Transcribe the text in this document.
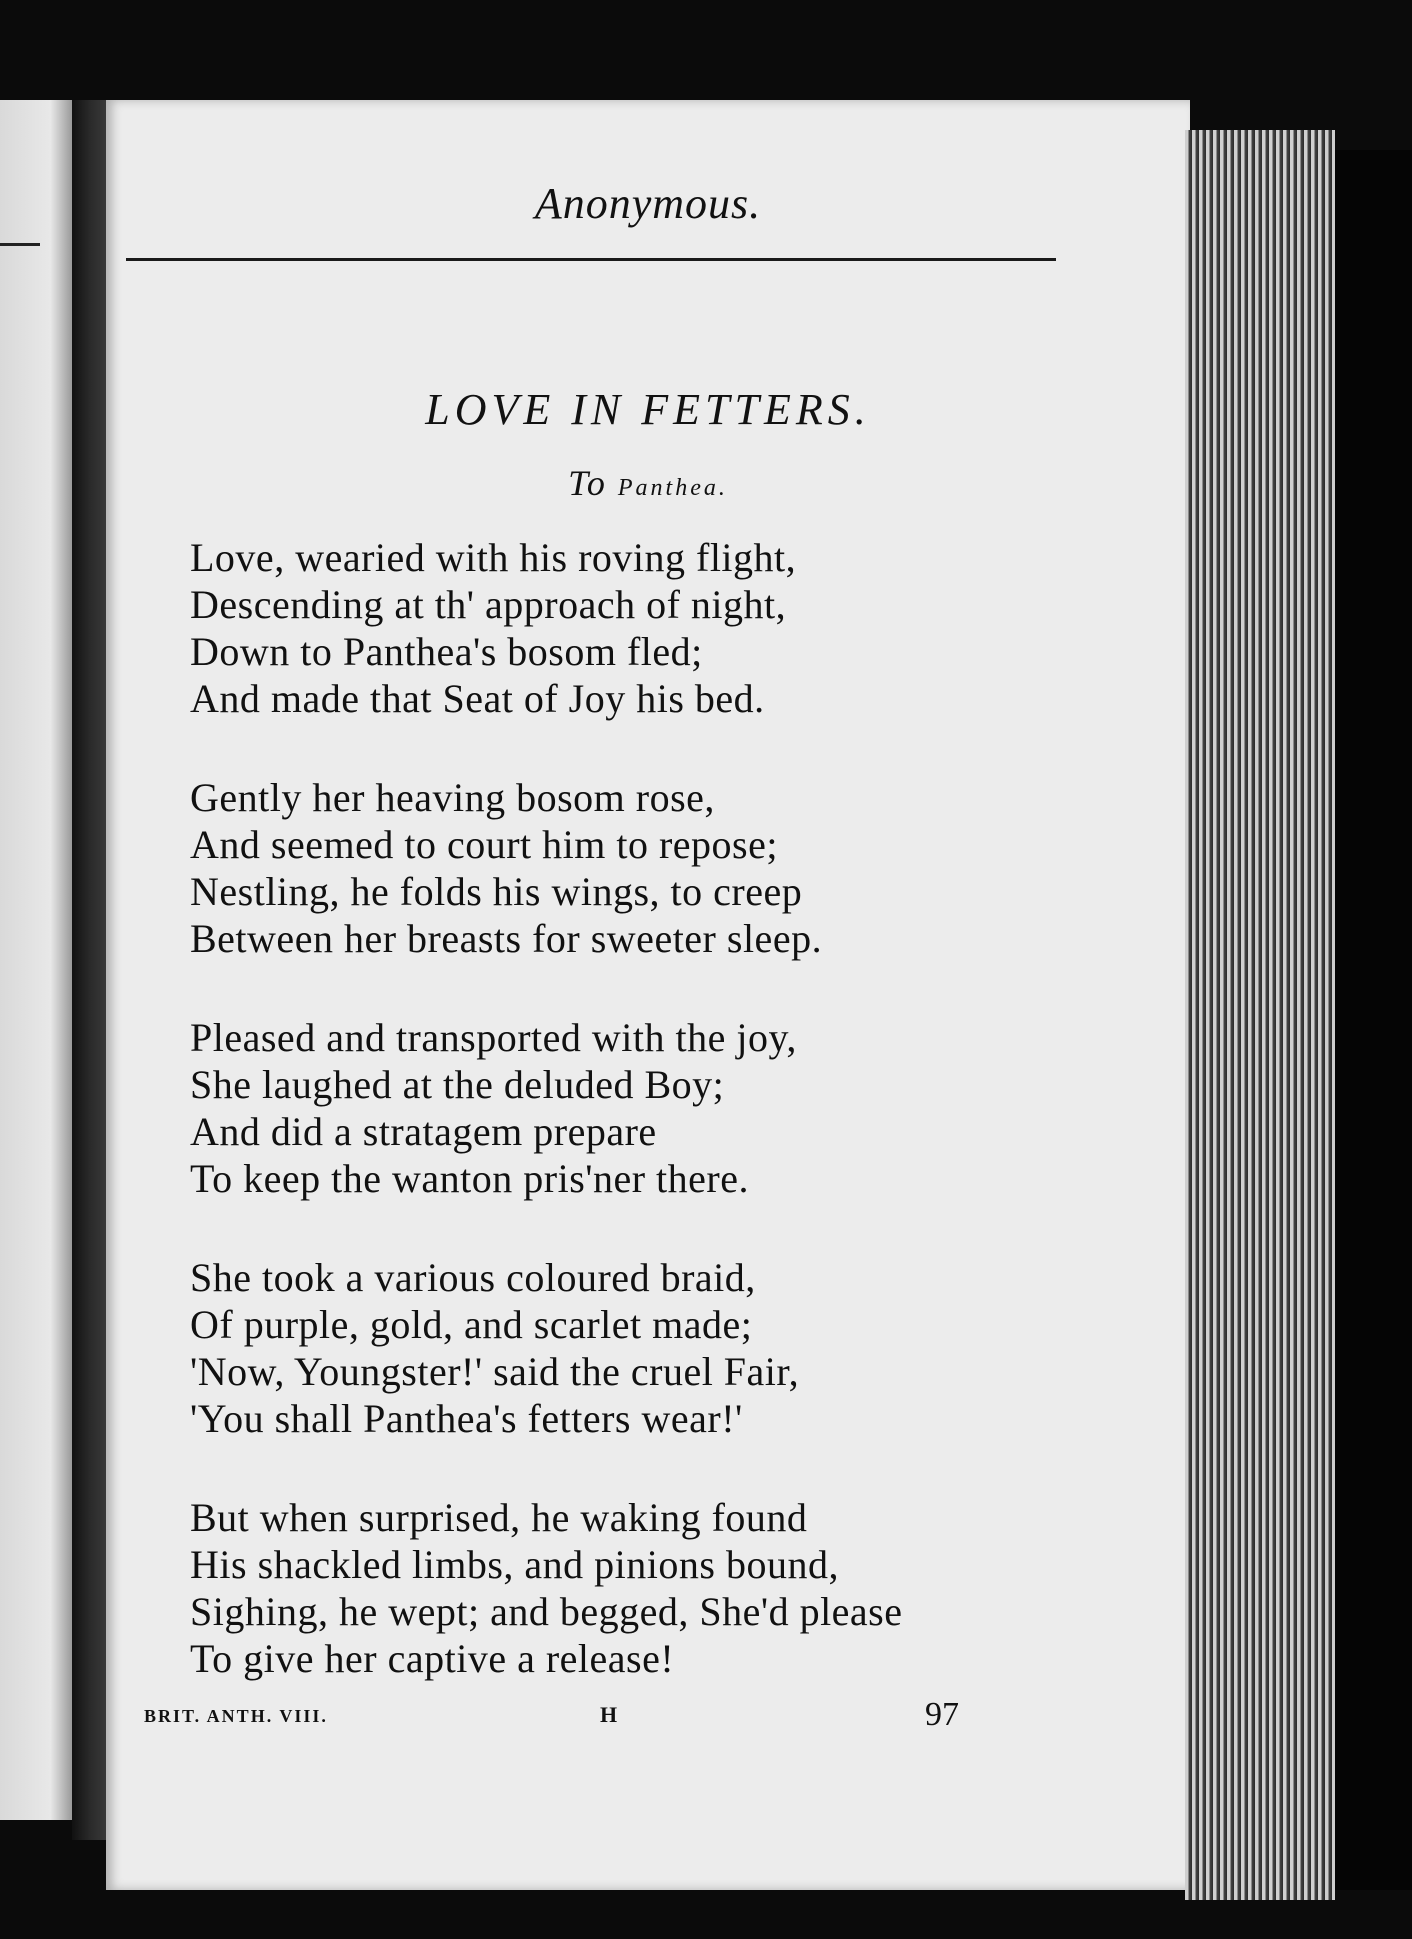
Anonymous.
LOVE IN FETTERS.
To Panthea.
Love, wearied with his roving flight,
Descending at th' approach of night,
Down to Panthea's bosom fled;
And made that Seat of Joy his bed.
Gently her heaving bosom rose,
And seemed to court him to repose;
Nestling, he folds his wings, to creep
Between her breasts for sweeter sleep.
Pleased and transported with the joy,
She laughed at the deluded Boy;
And did a stratagem prepare
To keep the wanton pris'ner there.
She took a various coloured braid,
Of purple, gold, and scarlet made;
'Now, Youngster!' said the cruel Fair,
'You shall Panthea's fetters wear!'
But when surprised, he waking found
His shackled limbs, and pinions bound,
Sighing, he wept; and begged, She'd please
To give her captive a release!
BRIT. ANTH. VIII.	H	97
